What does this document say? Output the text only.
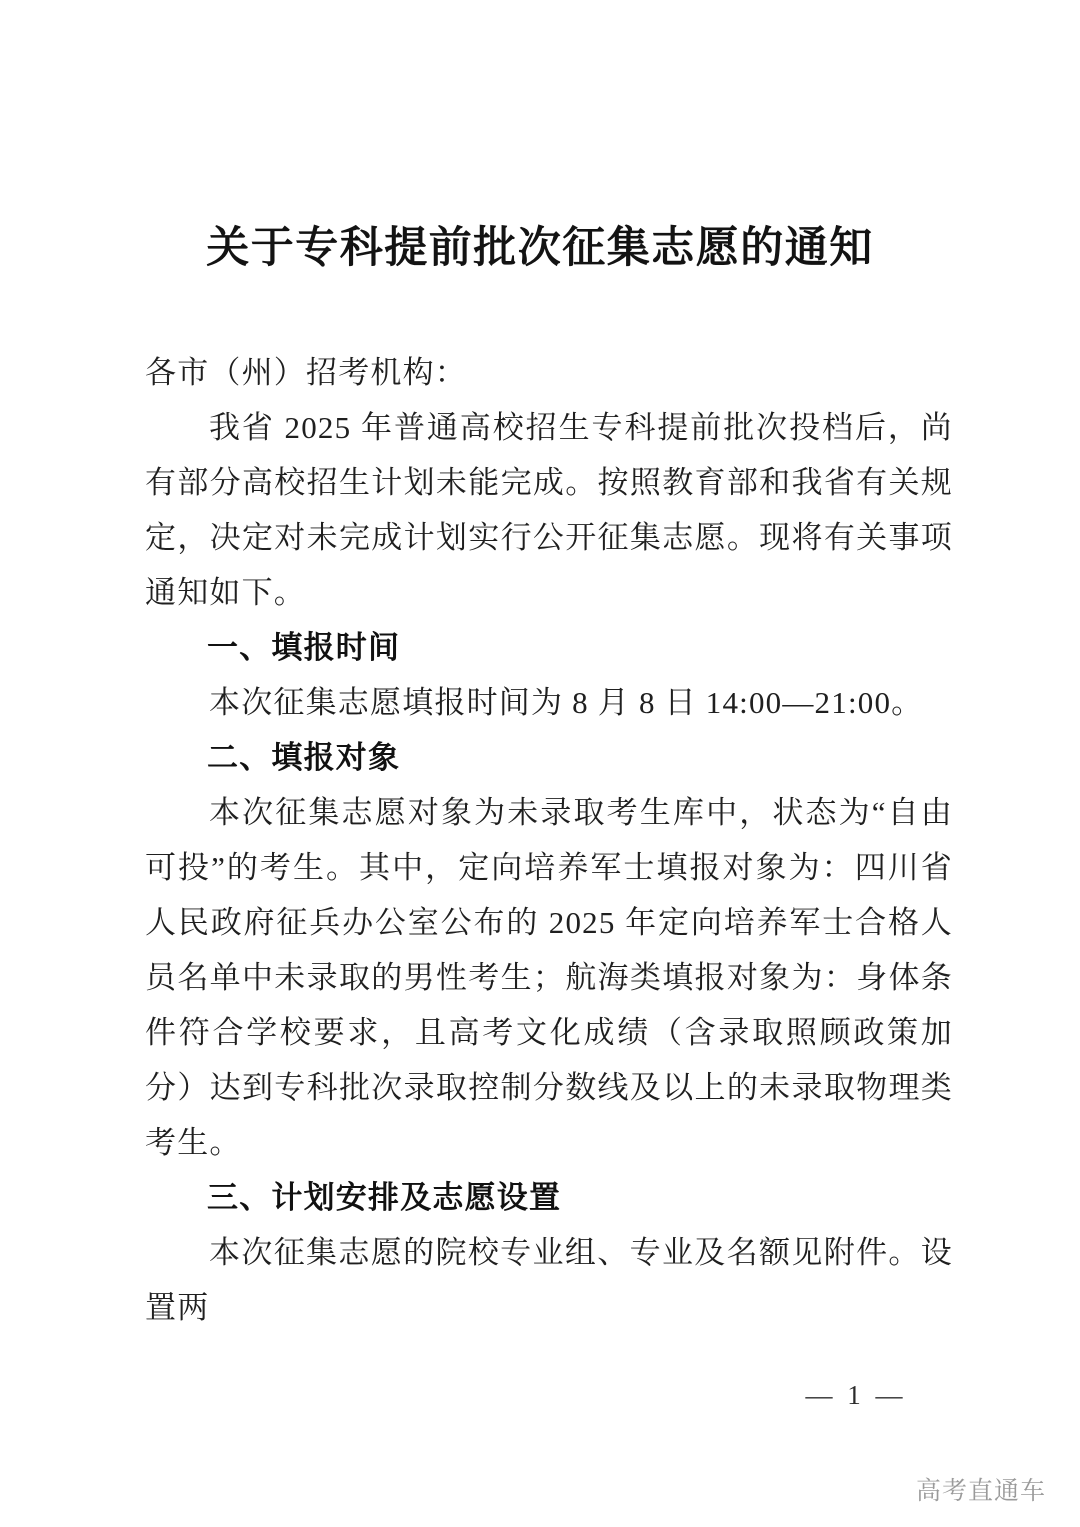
关于专科提前批次征集志愿的通知

各市（州）招考机构：

我省 2025 年普通高校招生专科提前批次投档后，尚有部分高校招生计划未能完成。按照教育部和我省有关规定，决定对未完成计划实行公开征集志愿。现将有关事项通知如下。

一、填报时间

本次征集志愿填报时间为 8 月 8 日 14:00—21:00。

二、填报对象

本次征集志愿对象为未录取考生库中，状态为“自由可投”的考生。其中，定向培养军士填报对象为：四川省人民政府征兵办公室公布的 2025 年定向培养军士合格人员名单中未录取的男性考生；航海类填报对象为：身体条件符合学校要求，且高考文化成绩（含录取照顾政策加分）达到专科批次录取控制分数线及以上的未录取物理类考生。

三、计划安排及志愿设置

本次征集志愿的院校专业组、专业及名额见附件。设置两

— 1 —
高考直通车
